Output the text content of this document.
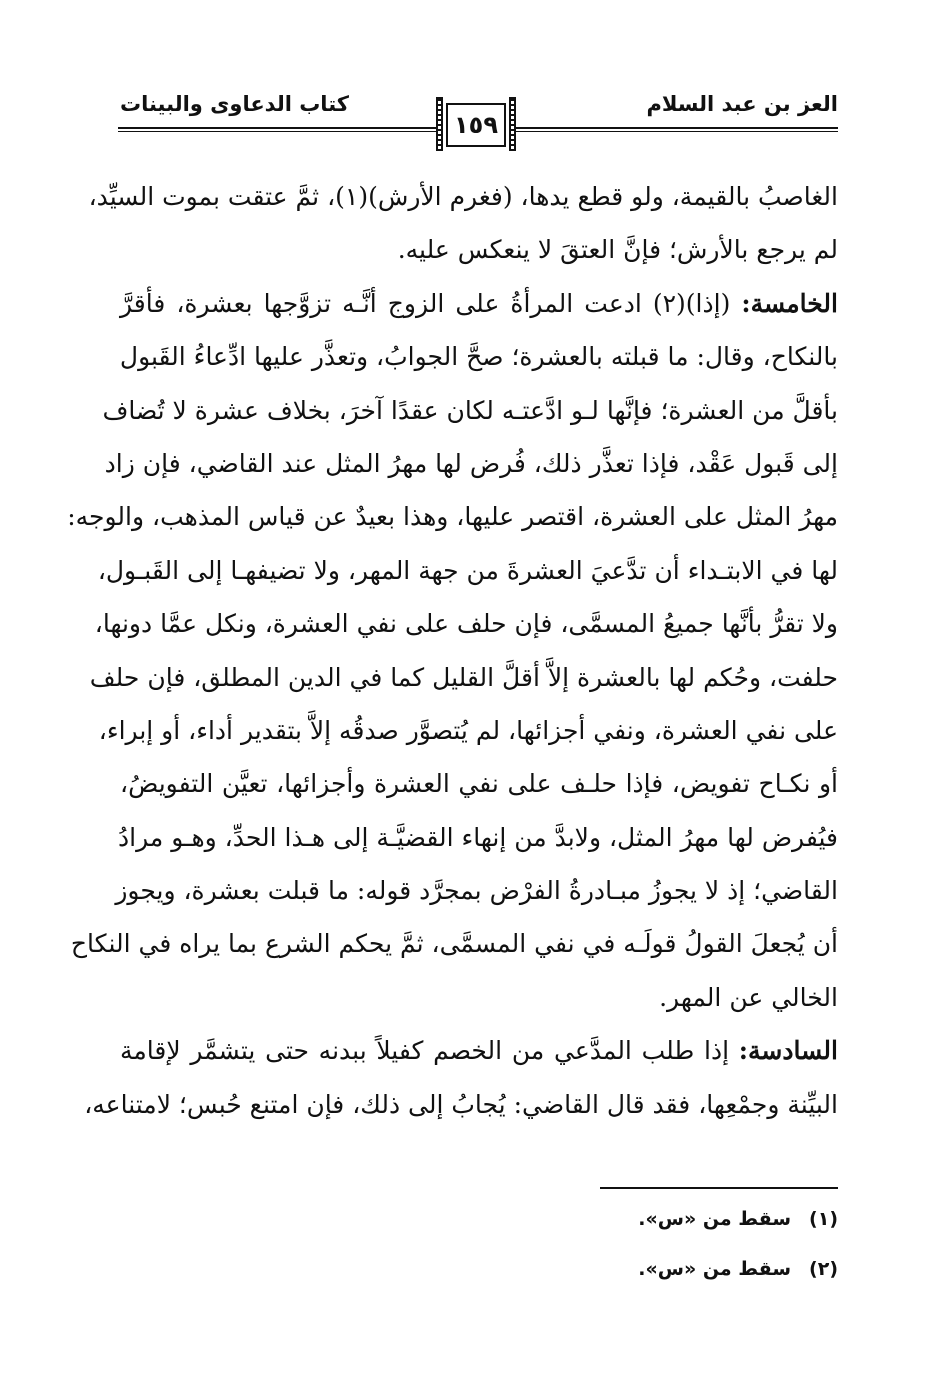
العز بن عبد السلام
كتاب الدعاوى والبينات
١٥٩
الغاصبُ بالقيمة، ولو قطع يدها، (فغرم الأرش)(١)، ثمَّ عتقت بموت السيِّد،
لم يرجع بالأرش؛ فإنَّ العتقَ لا ينعكس عليه.
الخامسة: (إذا)(٢) ادعت المرأةُ على الزوج أنَّـه تزوَّجها بعشرة، فأقرَّ
بالنكاح، وقال: ما قبلته بالعشرة؛ صحَّ الجوابُ، وتعذَّر عليها ادِّعاءُ القَبول
بأقلَّ من العشرة؛ فإنَّها لـو ادَّعتـه لكان عقدًا آخرَ، بخلاف عشرة لا تُضاف
إلى قَبول عَقْد، فإذا تعذَّر ذلك، فُرض لها مهرُ المثل عند القاضي، فإن زاد
مهرُ المثل على العشرة، اقتصر عليها، وهذا بعيدٌ عن قياس المذهب، والوجه:
لها في الابتـداء أن تدَّعيَ العشرةَ من جهة المهر، ولا تضيفهـا إلى القَبـول،
ولا تقرُّ بأنَّها جميعُ المسمَّى، فإن حلف على نفي العشرة، ونكل عمَّا دونها،
حلفت، وحُكم لها بالعشرة إلاَّ أقلَّ القليل كما في الدين المطلق، فإن حلف
على نفي العشرة، ونفي أجزائها، لم يُتصوَّر صدقُه إلاَّ بتقدير أداء، أو إبراء،
أو نكـاح تفويض، فإذا حلـف على نفي العشرة وأجزائها، تعيَّن التفويضُ،
فيُفرض لها مهرُ المثل، ولابدَّ من إنهاء القضيَّـة إلى هـذا الحدِّ، وهـو مرادُ
القاضي؛ إذ لا يجوزُ مبـادرةُ الفرْض بمجرَّد قوله: ما قبلت بعشرة، ويجوز
أن يُجعلَ القولُ قولَـه في نفي المسمَّى، ثمَّ يحكم الشرع بما يراه في النكاح
الخالي عن المهر.
السادسة: إذا طلب المدَّعي من الخصم كفيلاً ببدنه حتى يتشمَّر لإقامة
البيِّنة وجمْعِها، فقد قال القاضي: يُجابُ إلى ذلك، فإن امتنع حُبس؛ لامتناعه،
(١)سقط من «س».
(٢)سقط من «س».
